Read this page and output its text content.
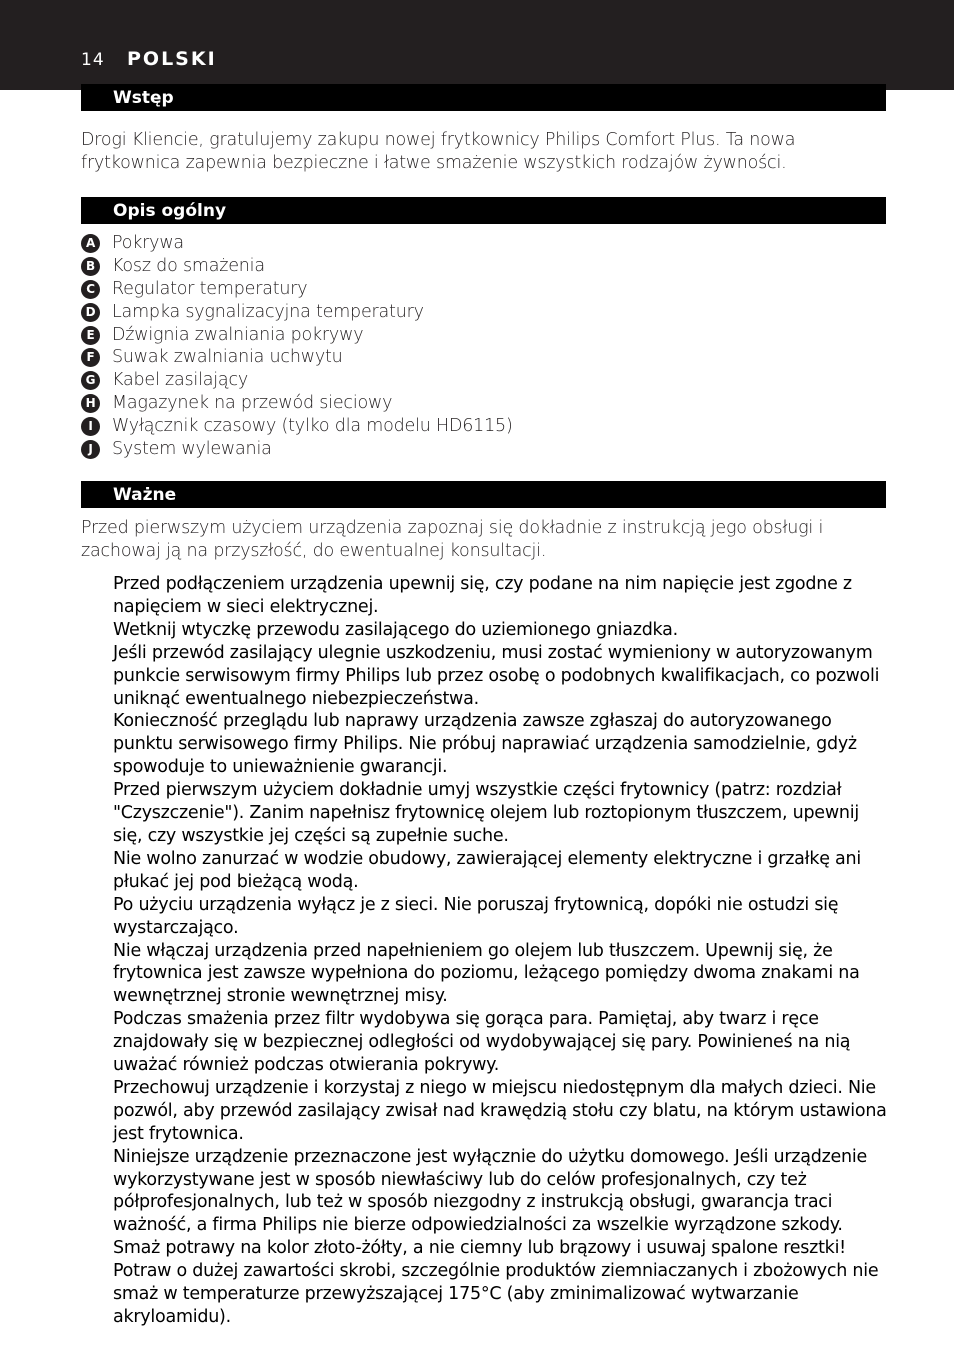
14 POLSKI
Wstęp
Drogi Kliencie, gratulujemy zakupu nowej frytkownicy Philips Comfort Plus. Ta nowa frytkownica zapewnia bezpieczne i łatwe smażenie wszystkich rodzajów żywności.
Opis ogólny
A Pokrywa
B Kosz do smażenia
C Regulator temperatury
D Lampka sygnalizacyjna temperatury
E	Dźwignia zwalniania pokrywy
F	Suwak zwalniania uchwytu
G Kabel zasilający
H Magazynek na przewód sieciowy
I	Wyłącznik czasowy (tylko dla modelu HD6115)
J	System wylewania
Ważne
Przed pierwszym użyciem urządzenia zapoznaj się dokładnie z instrukcją jego obsługi i zachowaj ją na przyszłość, do ewentualnej konsultacji.
Przed podłączeniem urządzenia upewnij się, czy podane na nim napięcie jest zgodne z napięciem w sieci elektrycznej.
Wetknij wtyczkę przewodu zasilającego do uziemionego gniazdka.
Jeśli przewód zasilający ulegnie uszkodzeniu, musi zostać wymieniony w autoryzowanym punkcie serwisowym firmy Philips lub przez osobę o podobnych kwalifikacjach, co pozwoli uniknąć ewentualnego niebezpieczeństwa.
Konieczność przeglądu lub naprawy urządzenia zawsze zgłaszaj do autoryzowanego punktu serwisowego firmy Philips. Nie próbuj naprawiać urządzenia samodzielnie, gdyż spowoduje to unieważnienie gwarancji.
Przed pierwszym użyciem dokładnie umyj wszystkie części frytownicy (patrz: rozdział "Czyszczenie"). Zanim napełnisz frytownicę olejem lub roztopionym tłuszczem, upewnij się, czy wszystkie jej części są zupełnie suche.
Nie wolno zanurzać w wodzie obudowy, zawierającej elementy elektryczne i grzałkę ani płukać jej pod bieżącą wodą.
Po użyciu urządzenia wyłącz je z sieci. Nie poruszaj frytownicą, dopóki nie ostudzi się wystarczająco.
Nie włączaj urządzenia przed napełnieniem go olejem lub tłuszczem. Upewnij się, że frytownica jest zawsze wypełniona do poziomu, leżącego pomiędzy dwoma znakami na wewnętrznej stronie wewnętrznej misy.
Podczas smażenia przez filtr wydobywa się gorąca para. Pamiętaj, aby twarz i ręce znajdowały się w bezpiecznej odległości od wydobywającej się pary. Powinieneś na nią uważać również podczas otwierania pokrywy.
Przechowuj urządzenie i korzystaj z niego w miejscu niedostępnym dla małych dzieci. Nie pozwól, aby przewód zasilający zwisał nad krawędzią stołu czy blatu, na którym ustawiona jest frytownica.
Niniejsze urządzenie przeznaczone jest wyłącznie do użytku domowego. Jeśli urządzenie wykorzystywane jest w sposób niewłaściwy lub do celów profesjonalnych, czy też półprofesjonalnych, lub też w sposób niezgodny z instrukcją obsługi, gwarancja traci ważność, a firma Philips nie bierze odpowiedzialności za wszelkie wyrządzone szkody.
Smaż potrawy na kolor złoto-żółty, a nie ciemny lub brązowy i usuwaj spalone resztki! Potraw o dużej zawartości skrobi, szczególnie produktów ziemniaczanych i zbożowych nie smaż w temperaturze przewyższającej 175°C (aby zminimalizować wytwarzanie akryloamidu).
